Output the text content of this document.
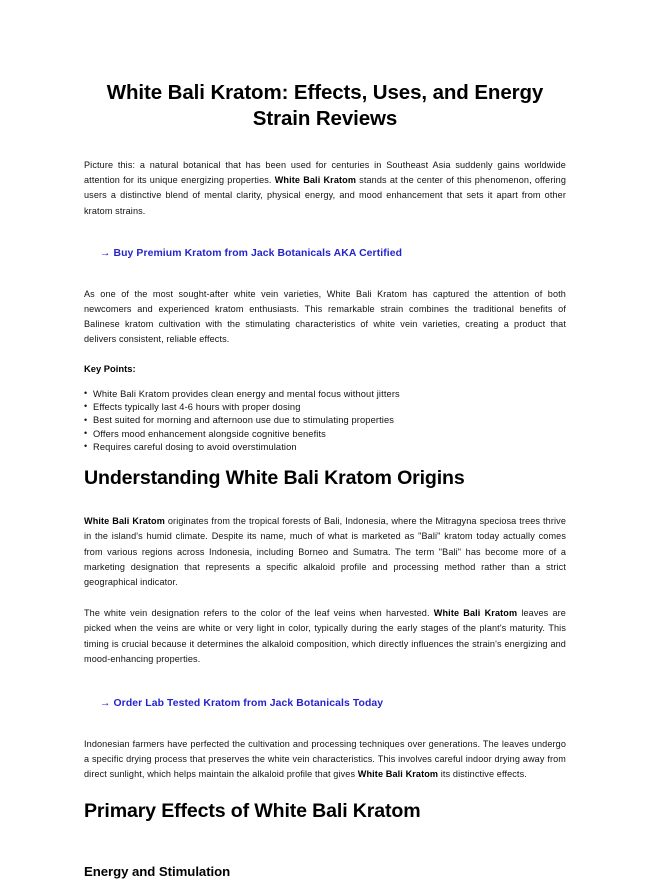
White Bali Kratom: Effects, Uses, and Energy Strain Reviews

Picture this: a natural botanical that has been used for centuries in Southeast Asia suddenly gains worldwide attention for its unique energizing properties. White Bali Kratom stands at the center of this phenomenon, offering users a distinctive blend of mental clarity, physical energy, and mood enhancement that sets it apart from other kratom strains.

→ Buy Premium Kratom from Jack Botanicals AKA Certified

As one of the most sought-after white vein varieties, White Bali Kratom has captured the attention of both newcomers and experienced kratom enthusiasts. This remarkable strain combines the traditional benefits of Balinese kratom cultivation with the stimulating characteristics of white vein varieties, creating a product that delivers consistent, reliable effects.

Key Points:

• White Bali Kratom provides clean energy and mental focus without jitters
• Effects typically last 4-6 hours with proper dosing
• Best suited for morning and afternoon use due to stimulating properties
• Offers mood enhancement alongside cognitive benefits
• Requires careful dosing to avoid overstimulation
Understanding White Bali Kratom Origins

White Bali Kratom originates from the tropical forests of Bali, Indonesia, where the Mitragyna speciosa trees thrive in the island's humid climate. Despite its name, much of what is marketed as "Bali" kratom today actually comes from various regions across Indonesia, including Borneo and Sumatra. The term "Bali" has become more of a marketing designation that represents a specific alkaloid profile and processing method rather than a strict geographical indicator.

The white vein designation refers to the color of the leaf veins when harvested. White Bali Kratom leaves are picked when the veins are white or very light in color, typically during the early stages of the plant's maturity. This timing is crucial because it determines the alkaloid composition, which directly influences the strain's energizing and mood-enhancing properties.

→ Order Lab Tested Kratom from Jack Botanicals Today

Indonesian farmers have perfected the cultivation and processing techniques over generations. The leaves undergo a specific drying process that preserves the white vein characteristics. This involves careful indoor drying away from direct sunlight, which helps maintain the alkaloid profile that gives White Bali Kratom its distinctive effects.

Primary Effects of White Bali Kratom
Energy and Stimulation
